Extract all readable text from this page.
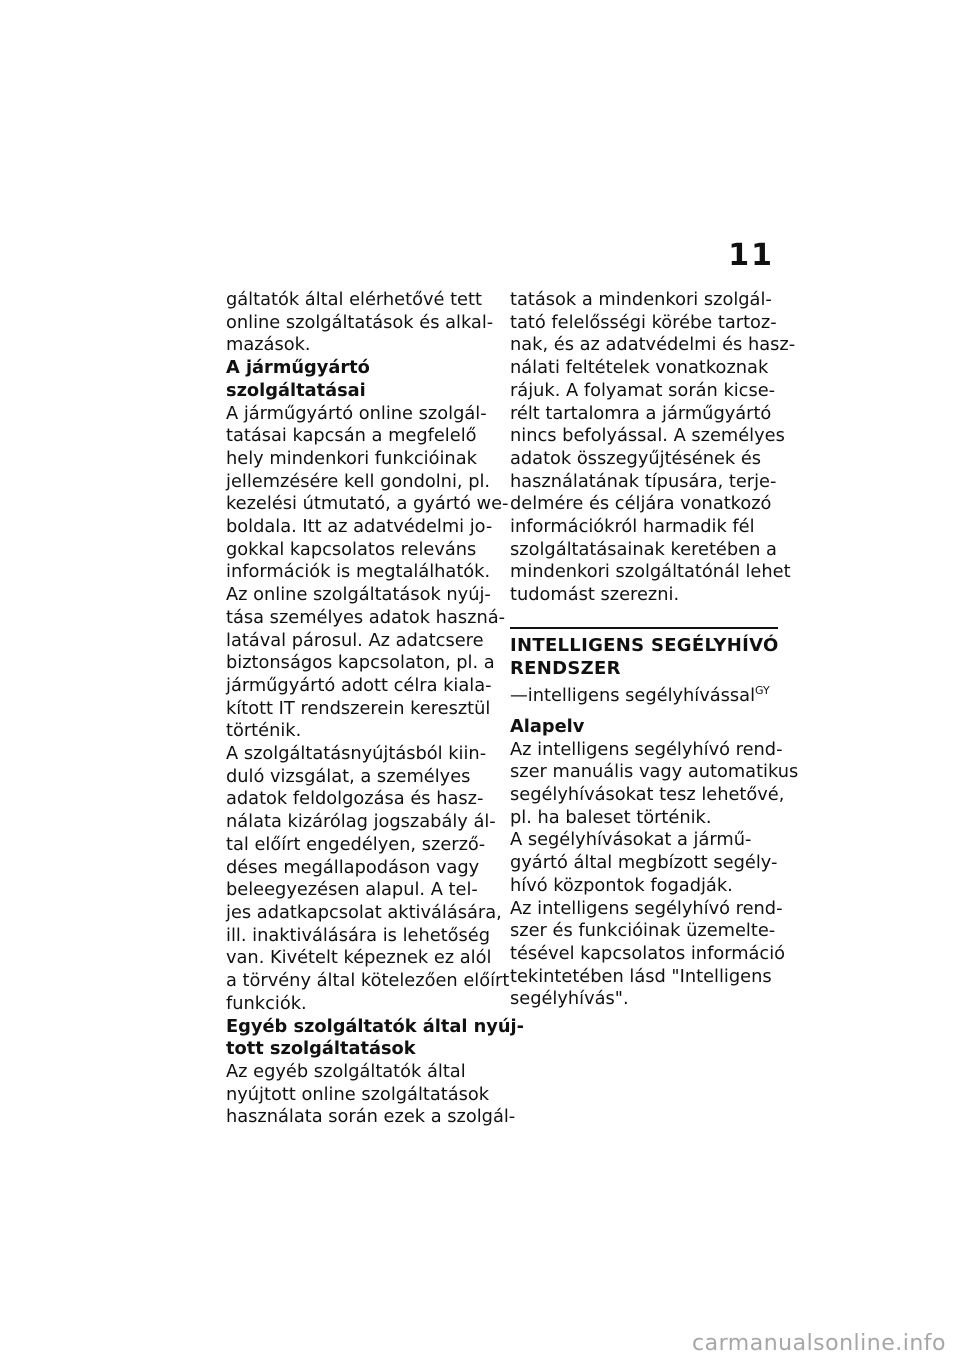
11

gáltatók által elérhetővé tett
online szolgáltatások és alkal-
mazások.

A járműgyártó szolgáltatásai

A járműgyártó online szolgál-
tatásai kapcsán a megfelelő
hely mindenkori funkcióinak
jellemzésére kell gondolni, pl.
kezelési útmutató, a gyártó we-
boldala. Itt az adatvédelmi jo-
gokkal kapcsolatos releváns
információk is megtalálhatók.
Az online szolgáltatások nyúj-
tása személyes adatok haszná-
latával párosul. Az adatcsere
biztonságos kapcsolaton, pl. a
járműgyártó adott célra kiala-
kított IT rendszerein keresztül
történik.

A szolgáltatásnyújtásból kiin-
duló vizsgálat, a személyes
adatok feldolgozása és hasz-
nálata kizárólag jogszabály ál-
tal előírt engedélyen, szerző-
déses megállapodáson vagy
beleegyezésen alapul. A tel-
jes adatkapcsolat aktiválására,
ill. inaktiválására is lehetőség
van. Kivételt képeznek ez alól
a törvény által kötelezően előírt
funkciók.

Egyéb szolgáltatók által nyúj-
tott szolgáltatások

Az egyéb szolgáltatók által
nyújtott online szolgáltatások
használata során ezek a szolgál-

tatások a mindenkori szolgál-
tató felelősségi körébe tartoz-
nak, és az adatvédelmi és hasz-
nálati feltételek vonatkoznak
rájuk. A folyamat során kicse-
rélt tartalomra a járműgyártó
nincs befolyással. A személyes
adatok összegyűjtésének és
használatának típusára, terje-
delmére és céljára vonatkozó
információkról harmadik fél
szolgáltatásainak keretében a
mindenkori szolgáltatónál lehet
tudomást szerezni.

INTELLIGENS SEGÉLYHÍVÓ
RENDSZER

—intelligens segélyhívással$^{GY}$

Alapelv

Az intelligens segélyhívó rend-
szer manuális vagy automatikus
segélyhívásokat tesz lehetővé,
pl. ha baleset történik.

A segélyhívásokat a jármű-
gyártó által megbízott segély-
hívó központok fogadják.

Az intelligens segélyhívó rend-
szer és funkcióinak üzemelte-
tésével kapcsolatos információ
tekintetében lásd "Intelligens
segélyhívás".

carmanualsonline.info
